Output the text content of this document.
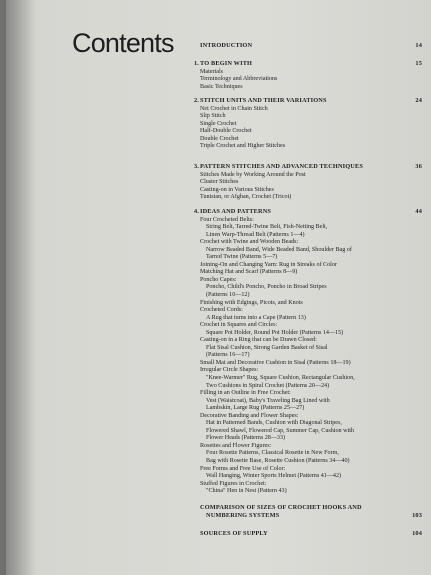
Contents	INTRODUCTION	14
1. TO BEGIN WITH	15
Materials
Terminology and Abbreviations
Basic Techniques
2. STITCH UNITS AND THEIR VARIATIONS	24
Net Crochet in Chain Stitch
Slip Stitch
Single Crochet
Half-Double Crochet
Double Crochet
Triple Crochet and Higher Stitches
3. PATTERN STITCHES AND ADVANCED TECHNIQUES	36
Stitches Made by Working Around the Post
Cluster Stitches
Casting-on in Various Stitches
Tunisian, or Afghan, Crochet (Tricot)
4. IDEAS AND PATTERNS	44
Four Crocheted Belts:
String Belt, Tarred-Twine Belt, Fish-Netting Belt,
Linen Warp-Thread Belt (Patterns 1—4)
Crochet with Twine and Wooden Beads:
Narrow Beaded Band, Wide Beaded Band, Shoulder Bag of
Tarred Twine (Patterns 5—7)
Joining-On and Changing Yarn: Rug in Streaks of Color
Matching Hat and Scarf (Patterns 8—9)
Poncho Capes:
Poncho, Child's Poncho, Poncho in Broad Stripes
(Patterns 10—12)
Finishing with Edgings, Picots, and Knots
Crocheted Cords:
A Rug that turns into a Cape (Pattern 13)
Crochet in Squares and Circles:
Square Pot Holder, Round Pot Holder (Patterns 14—15)
Casting-on in a Ring that can be Drawn Closed:
Flat Sisal Cushion, Strong Garden Basket of Sisal
(Patterns 16—17)
Small Mat and Decorative Cushion in Sisal (Patterns 18—19)
Irregular Circle Shapes:
"Knee-Warmer" Rug, Square Cushion, Rectangular Cushion,
Two Cushions in Spiral Crochet (Patterns 20—24)
Filling in an Outline in Free Crochet:
Vest (Waistcoat), Baby's Traveling Bag Lined with
Lambskin, Large Rug (Patterns 25—27)
Decorative Banding and Flower Shapes:
Hat in Patterned Bands, Cushion with Diagonal Stripes,
Flowered Shawl, Flowered Cap, Summer Cap, Cushion with
Flower Heads (Patterns 28—33)
Rosettes and Flower Figures:
Four Rosette Patterns, Classical Rosette in New Form,
Bag with Rosette Base, Rosette Cushion (Patterns 34—40)
Free Forms and Free Use of Color:
Wall Hanging, Winter Sports Helmet (Patterns 41—42)
Stuffed Figures in Crochet:
"China" Hen in Nest (Pattern 43)
COMPARISON OF SIZES OF CROCHET HOOKS AND
NUMBERING SYSTEMS	103
SOURCES OF SUPPLY	104
